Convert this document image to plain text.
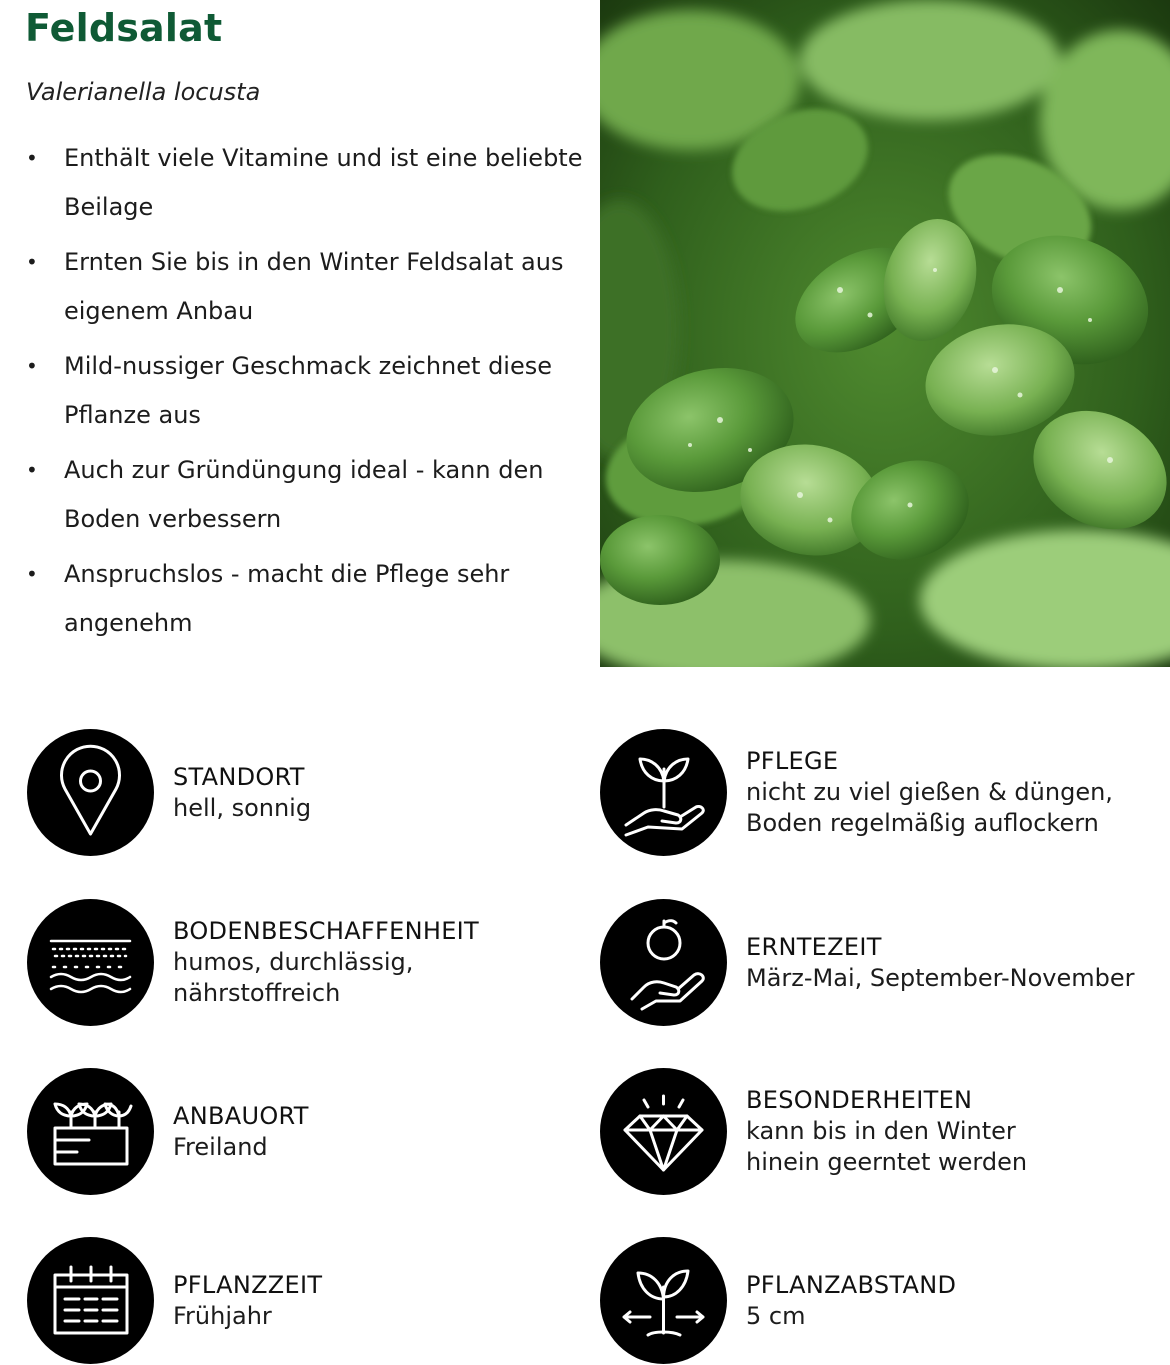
Feldsalat

Valerianella locusta

• Enthält viele Vitamine und ist eine beliebte Beilage
• Ernten Sie bis in den Winter Feldsalat aus eigenem Anbau
• Mild-nussiger Geschmack zeichnet diese Pflanze aus
• Auch zur Gründüngung ideal - kann den Boden verbessern
• Anspruchslos - macht die Pflege sehr angenehm
STANDORT
hell, sonnig
PFLEGE
nicht zu viel gießen & düngen,
Boden regelmäßig auflockern
BODENBESCHAFFENHEIT
humos, durchlässig,
nährstoffreich
ERNTEZEIT
März-Mai, September-November
ANBAUORT
Freiland
BESONDERHEITEN
kann bis in den Winter
hinein geerntet werden
PFLANZZEIT
Frühjahr
PFLANZABSTAND
5 cm
